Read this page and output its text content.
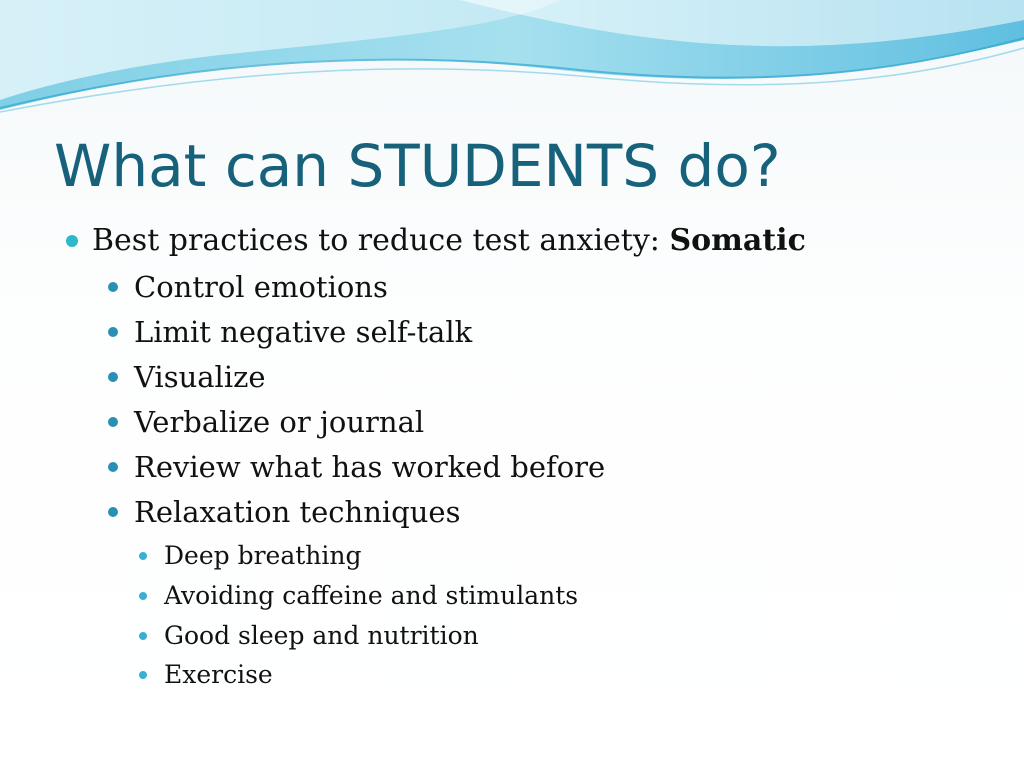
What can STUDENTS do?
Best practices to reduce test anxiety: Somatic
Control emotions
Limit negative self-talk
Visualize
Verbalize or journal
Review what has worked before
Relaxation techniques
Deep breathing
Avoiding caffeine and stimulants
Good sleep and nutrition
Exercise
